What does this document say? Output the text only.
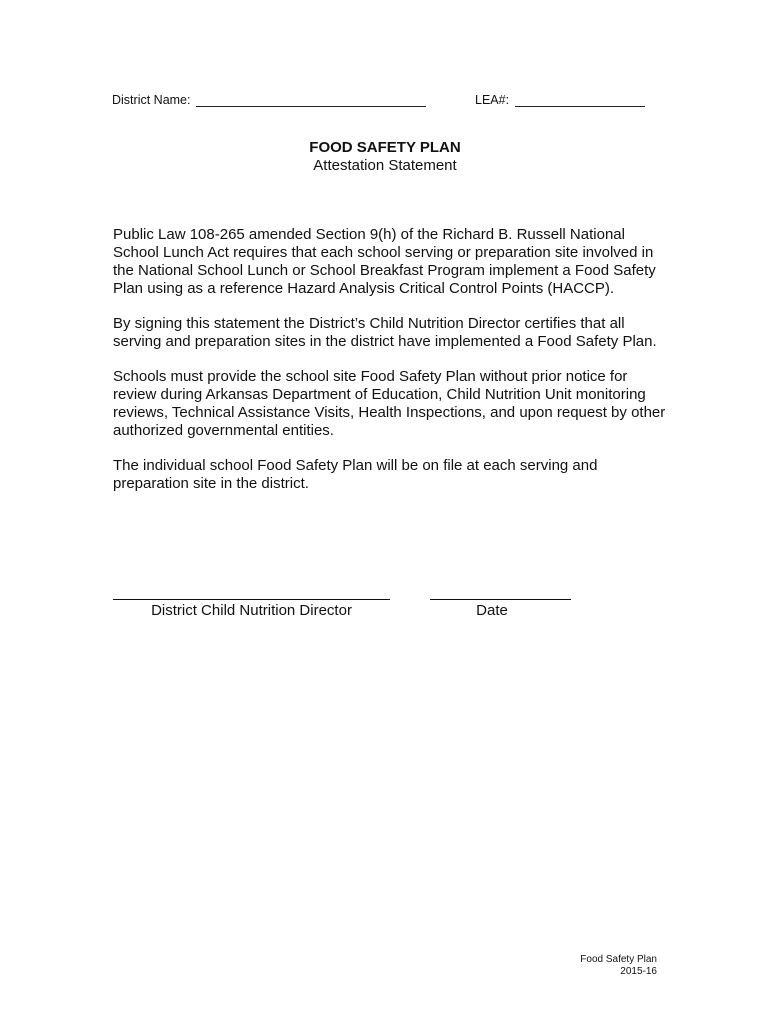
District Name:	LEA#:

FOOD SAFETY PLAN

Attestation Statement

Public Law 108-265 amended Section 9(h) of the Richard B. Russell National School Lunch Act requires that each school serving or preparation site involved in the National School Lunch or School Breakfast Program implement a Food Safety Plan using as a reference Hazard Analysis Critical Control Points (HACCP).

By signing this statement the District’s Child Nutrition Director certifies that all serving and preparation sites in the district have implemented a Food Safety Plan.

Schools must provide the school site Food Safety Plan without prior notice for review during Arkansas Department of Education, Child Nutrition Unit monitoring reviews, Technical Assistance Visits, Health Inspections, and upon request by other authorized governmental entities.

The individual school Food Safety Plan will be on file at each serving and preparation site in the district.

District Child Nutrition Director	Date
Food Safety Plan
2015-16
